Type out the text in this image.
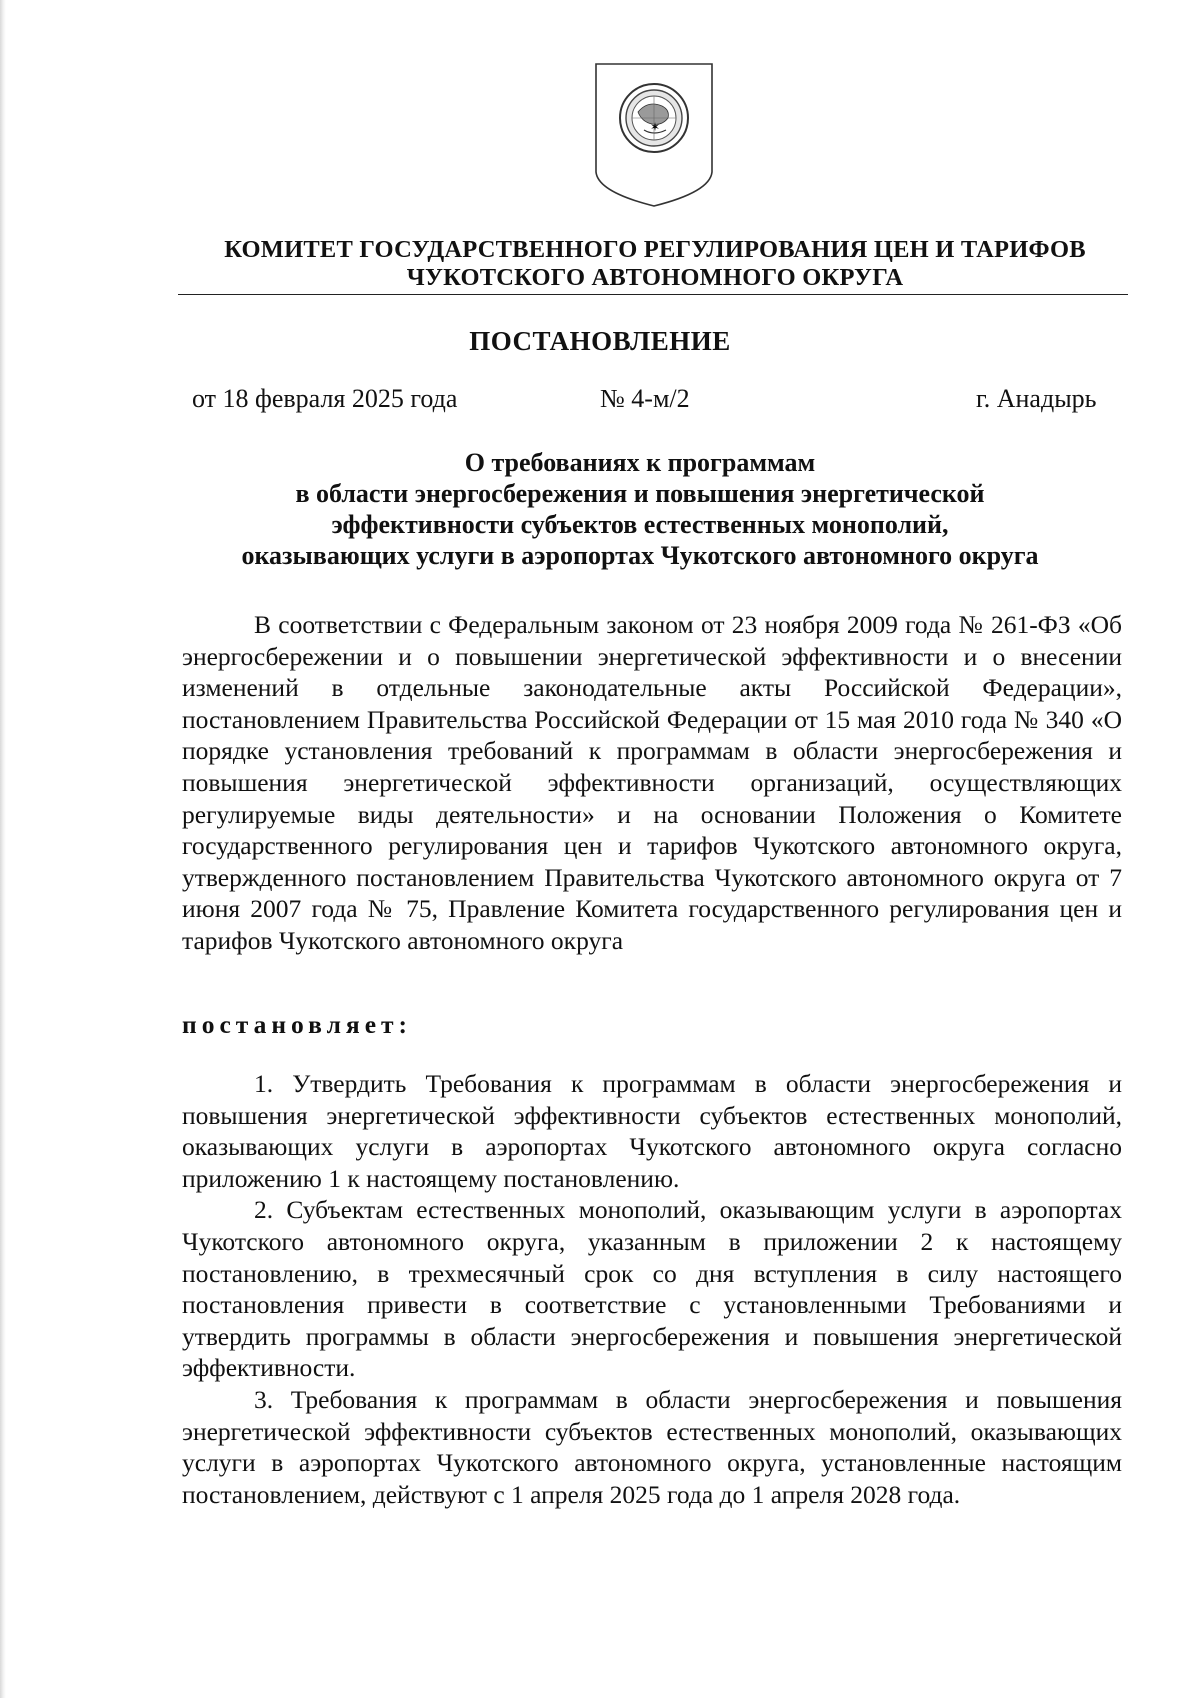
✶
КОМИТЕТ ГОСУДАРСТВЕННОГО РЕГУЛИРОВАНИЯ ЦЕН И ТАРИФОВ
ЧУКОТСКОГО АВТОНОМНОГО ОКРУГА
ПОСТАНОВЛЕНИЕ
от 18 февраля 2025 года	№ 4-м/2	г. Анадырь
О требованиях к программам
в области энергосбережения и повышения энергетической
эффективности субъектов естественных монополий,
оказывающих услуги в аэропортах Чукотского автономного округа

В соответствии с Федеральным законом от 23 ноября 2009 года № 261-ФЗ «Об энергосбережении и о повышении энергетической эффективности и о внесении изменений в отдельные законодательные акты Российской Федерации», постановлением Правительства Российской Федерации от 15 мая 2010 года № 340 «О порядке установления требований к программам в области энергосбережения и повышения энергетической эффективности организаций, осуществляющих регулируемые виды деятельности» и на основании Положения о Комитете государственного регулирования цен и тарифов Чукотского автономного округа, утвержденного постановлением Правительства Чукотского автономного округа от 7 июня 2007 года № 75, Правление Комитета государственного регулирования цен и тарифов Чукотского автономного округа

постановляет:

1. Утвердить Требования к программам в области энергосбережения и повышения энергетической эффективности субъектов естественных монополий, оказывающих услуги в аэропортах Чукотского автономного округа согласно приложению 1 к настоящему постановлению.

2. Субъектам естественных монополий, оказывающим услуги в аэропортах Чукотского автономного округа, указанным в приложении 2 к настоящему постановлению, в трехмесячный срок со дня вступления в силу настоящего постановления привести в соответствие с установленными Требованиями и утвердить программы в области энергосбережения и повышения энергетической эффективности.

3. Требования к программам в области энергосбережения и повышения энергетической эффективности субъектов естественных монополий, оказывающих услуги в аэропортах Чукотского автономного округа, установленные настоящим постановлением, действуют с 1 апреля 2025 года до 1 апреля 2028 года.
